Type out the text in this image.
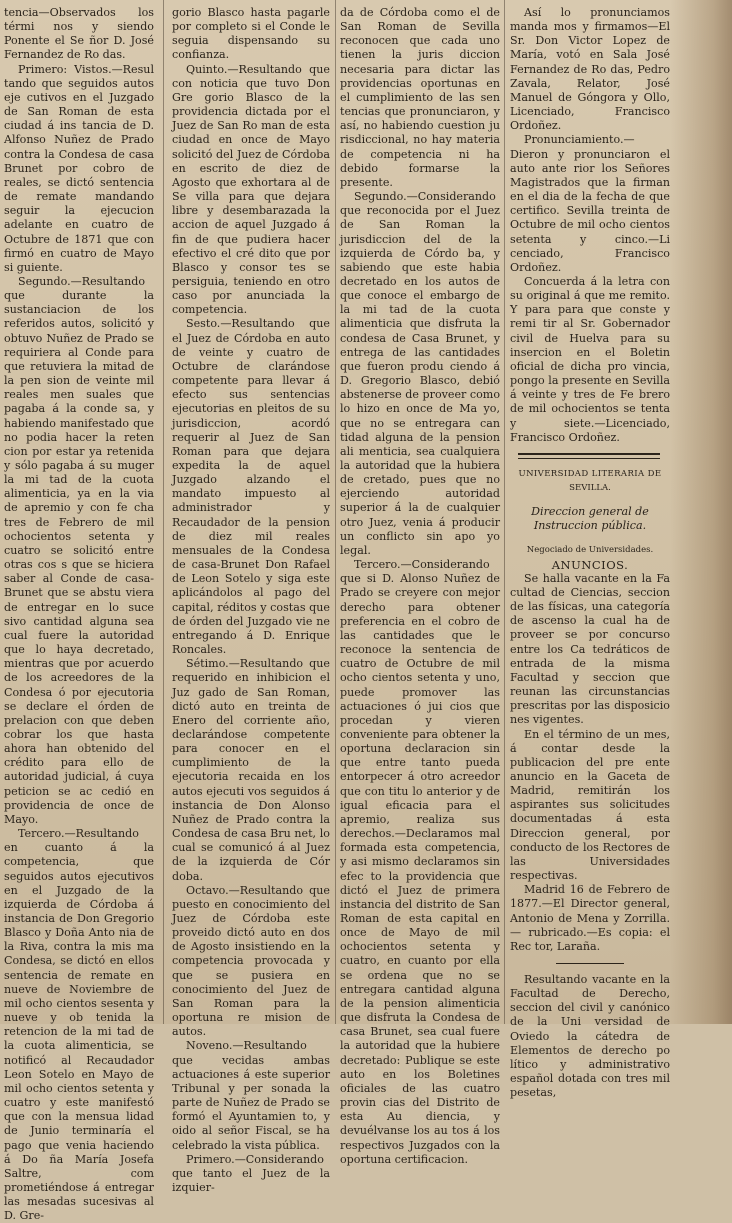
tencia—Observados los térmi nos y siendo Ponente el Se ñor D. José Fernandez de Ro das.

Primero: Vistos.—Resul tando que seguidos autos eje cutivos en el Juzgado de San Roman de esta ciudad á ins tancia de D. Alfonso Nuñez de Prado contra la Condesa de casa Brunet por cobro de reales, se dictó sentencia de remate mandando seguir la ejecucion adelante en cuatro de Octubre de 1871 que con firmó en cuatro de Mayo si guiente.

Segundo.—Resultando que durante la sustanciacion de los referidos autos, solicitó y obtuvo Nuñez de Prado se requiriera al Conde para que retuviera la mitad de la pen sion de veinte mil reales men suales que pagaba á la conde sa, y habiendo manifestado que no podia hacer la reten cion por estar ya retenida y sólo pagaba á su muger la mi tad de la cuota alimenticia, ya en la via de apremio y con fe cha tres de Febrero de mil ochocientos setenta y cuatro se solicitó entre otras cos s que se hiciera saber al Conde de casa-Brunet que se abstu viera de entregar en lo suce sivo cantidad alguna sea cual fuere la autoridad que lo haya decretado, mientras que por acuerdo de los acreedores de la Condesa ó por ejecutoria se declare el órden de prelacion con que deben cobrar los que hasta ahora han obtenido del crédito para ello de autoridad judicial, á cuya peticion se ac cedió en providencia de once de Mayo.

Tercero.—Resultando en cuanto á la competencia, que seguidos autos ejecutivos en el Juzgado de la izquierda de Córdoba á instancia de Don Gregorio Blasco y Doña Anto nia de la Riva, contra la mis ma Condesa, se dictó en ellos sentencia de remate en nueve de Noviembre de mil ocho cientos sesenta y nueve y ob tenida la retencion de la mi tad de la cuota alimenticia, se notificó al Recaudador Leon Sotelo en Mayo de mil ocho cientos setenta y cuatro y este manifestó que con la mensua lidad de Junio terminaría el pago que venia haciendo á Do ña María Josefa Saltre, com prometiéndose á entregar las mesadas sucesivas al D. Gre-

gorio Blasco hasta pagarle por completo si el Conde le seguia dispensando su confianza.

Quinto.—Resultando que con noticia que tuvo Don Gre gorio Blasco de la providencia dictada por el Juez de San Ro man de esta ciudad en once de Mayo solicitó del Juez de Córdoba en escrito de diez de Agosto que exhortara al de Se villa para que dejara libre y desembarazada la accion de aquel Juzgado á fin de que pudiera hacer efectivo el cré dito que por Blasco y consor tes se persiguia, teniendo en otro caso por anunciada la competencia.

Sesto.—Resultando que el Juez de Córdoba en auto de veinte y cuatro de Octubre de clarándose competente para llevar á efecto sus sentencias ejecutorias en pleitos de su jurisdiccion, acordó requerir al Juez de San Roman para que dejara expedita la de aquel Juzgado alzando el mandato impuesto al administrador y Recaudador de la pension de diez mil reales mensuales de la Condesa de casa-Brunet Don Rafael de Leon Sotelo y siga este aplicándolos al pago del capital, réditos y costas que de órden del Juzgado vie ne entregando á D. Enrique Roncales.

Sétimo.—Resultando que requerido en inhibicion el Juz gado de San Roman, dictó auto en treinta de Enero del corriente año, declarándose competente para conocer en el cumplimiento de la ejecutoria recaida en los autos ejecuti vos seguidos á instancia de Don Alonso Nuñez de Prado contra la Condesa de casa Bru net, lo cual se comunicó á al Juez de la izquierda de Cór doba.

Octavo.—Resultando que puesto en conocimiento del Juez de Córdoba este proveido dictó auto en dos de Agosto insistiendo en la competencia provocada y que se pusiera en conocimiento del Juez de San Roman para la oportuna re mision de autos.

Noveno.—Resultando que vecidas ambas actuaciones á este superior Tribunal y per sonada la parte de Nuñez de Prado se formó el Ayuntamien to, y oido al señor Fiscal, se ha celebrado la vista pública.

Primero.—Considerando que tanto el Juez de la izquier-

da de Córdoba como el de San Roman de Sevilla reconocen que cada uno tienen la juris diccion necesaria para dictar las providencias oportunas en el cumplimiento de las sen tencias que pronunciaron, y así, no habiendo cuestion ju risdiccional, no hay materia de competencia ni ha debido formarse la presente.

Segundo.—Considerando que reconocida por el Juez de San Roman la jurisdiccion del de la izquierda de Córdo ba, y sabiendo que este habia decretado en los autos de que conoce el embargo de la mi tad de la cuota alimenticia que disfruta la condesa de Casa Brunet, y entrega de las cantidades que fueron produ ciendo á D. Gregorio Blasco, debió abstenerse de proveer como lo hizo en once de Ma yo, que no se entregara can tidad alguna de la pension ali menticia, sea cualquiera la autoridad que la hubiera de cretado, pues que no ejerciendo autoridad superior á la de cualquier otro Juez, venia á producir un conflicto sin apo yo legal.

Tercero.—Considerando que si D. Alonso Nuñez de Prado se creyere con mejor derecho para obtener preferencia en el cobro de las cantidades que le reconoce la sentencia de cuatro de Octubre de mil ocho cientos setenta y uno, puede promover las actuaciones ó jui cios que procedan y vieren conveniente para obtener la oportuna declaracion sin que entre tanto pueda entorpecer á otro acreedor que con titu lo anterior y de igual eficacia para el apremio, realiza sus derechos.—Declaramos mal formada esta competencia, y asi mismo declaramos sin efec to la providencia que dictó el Juez de primera instancia del distrito de San Roman de esta capital en once de Mayo de mil ochocientos setenta y cuatro, en cuanto por ella se ordena que no se entregara cantidad alguna de la pension alimenticia que disfruta la Condesa de casa Brunet, sea cual fuere la autoridad que la hubiere decretado: Publique se este auto en los Boletines oficiales de las cuatro provin cias del Distrito de esta Au diencia, y devuélvanse los au tos á los respectivos Juzgados con la oportuna certificacion.

Así lo pronunciamos manda mos y firmamos—El Sr. Don Victor Lopez de María, votó en Sala José Fernandez de Ro das, Pedro Zavala, Relator, José Manuel de Góngora y Ollo, Licenciado, Francisco Ordoñez.

Pronunciamiento.—Dieron y pronunciaron el auto ante rior los Señores Magistrados que la firman en el dia de la fecha de que certifico. Sevilla treinta de Octubre de mil ocho cientos setenta y cinco.—Li cenciado, Francisco Ordoñez.

Concuerda á la letra con su original á que me remito. Y para para que conste y remi tir al Sr. Gobernador civil de Huelva para su insercion en el Boletin oficial de dicha pro vincia, pongo la presente en Sevilla á veinte y tres de Fe brero de mil ochocientos se tenta y siete.—Licenciado, Francisco Ordoñez.

UNIVERSIDAD LITERARIA DE

SEVILLA.

Direccion general de Instruccion pública.

Negociado de Universidades.

ANUNCIOS.

Se halla vacante en la Fa cultad de Ciencias, seccion de las físicas, una categoría de ascenso la cual ha de proveer se por concurso entre los Ca tedráticos de entrada de la misma Facultad y seccion que reunan las circunstancias prescritas por las disposicio nes vigentes.

En el término de un mes, á contar desde la publicacion del pre ente anuncio en la Gaceta de Madrid, remitirán los aspirantes sus solicitudes documentadas á esta Direccion general, por conducto de los Rectores de las Universidades respectivas.

Madrid 16 de Febrero de 1877.—El Director general, Antonio de Mena y Zorrilla.— rubricado.—Es copia: el Rec tor, Laraña.

Resultando vacante en la Facultad de Derecho, seccion del civil y canónico de la Uni versidad de Oviedo la cátedra de Elementos de derecho po lítico y administrativo español dotada con tres mil pesetas,
